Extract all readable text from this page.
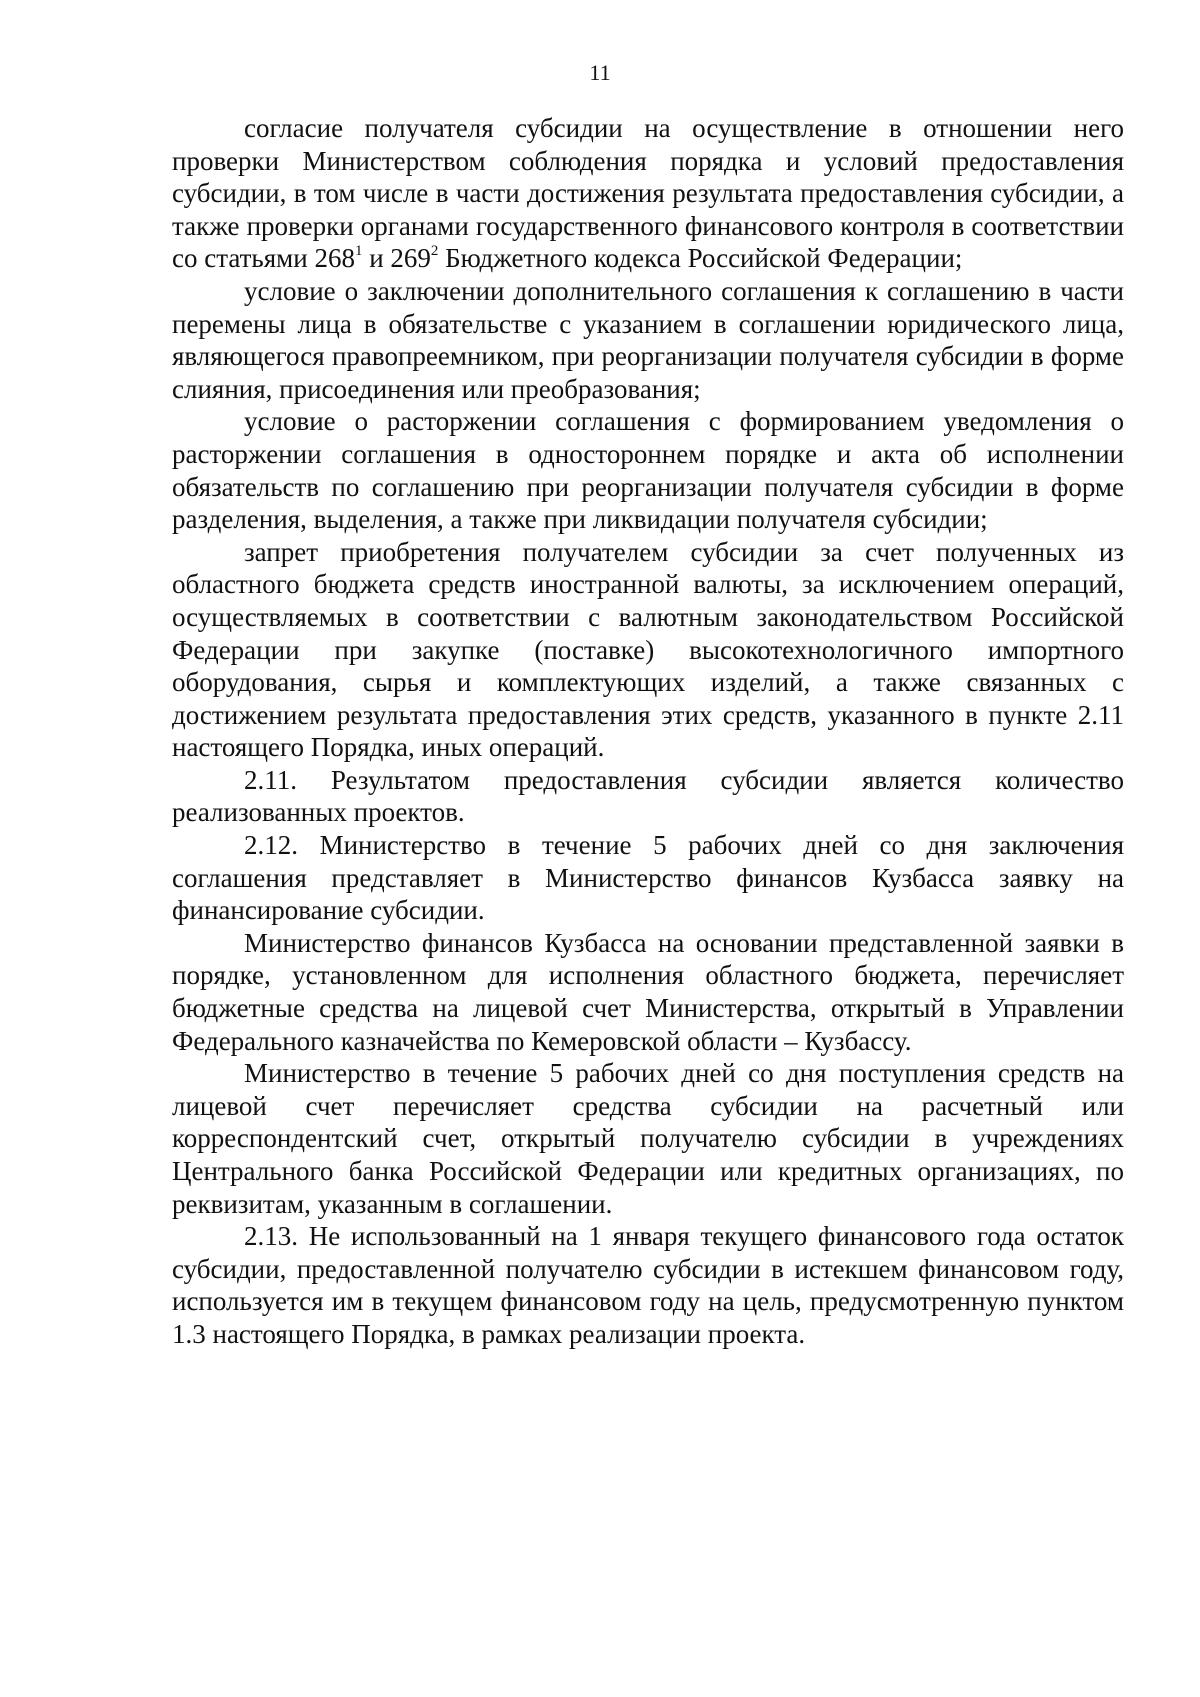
11

согласие получателя субсидии на осуществление в отношении него проверки Министерством соблюдения порядка и условий предоставления субсидии, в том числе в части достижения результата предоставления субсидии, а также проверки органами государственного финансового контроля в соответствии со статьями $268^1$ и $269^2$ Бюджетного кодекса Российской Федерации;

условие о заключении дополнительного соглашения к соглашению в части перемены лица в обязательстве с указанием в соглашении юридического лица, являющегося правопреемником, при реорганизации получателя субсидии в форме слияния, присоединения или преобразования;

условие о расторжении соглашения с формированием уведомления о расторжении соглашения в одностороннем порядке и акта об исполнении обязательств по соглашению при реорганизации получателя субсидии в форме разделения, выделения, а также при ликвидации получателя субсидии;

запрет приобретения получателем субсидии за счет полученных из областного бюджета средств иностранной валюты, за исключением операций, осуществляемых в соответствии с валютным законодательством Российской Федерации при закупке (поставке) высокотехнологичного импортного оборудования, сырья и комплектующих изделий, а также связанных с достижением результата предоставления этих средств, указанного в пункте 2.11 настоящего Порядка, иных операций.

2.11. Результатом предоставления субсидии является количество реализованных проектов.

2.12. Министерство в течение 5 рабочих дней со дня заключения соглашения представляет в Министерство финансов Кузбасса заявку на финансирование субсидии.

Министерство финансов Кузбасса на основании представленной заявки в порядке, установленном для исполнения областного бюджета, перечисляет бюджетные средства на лицевой счет Министерства, открытый в Управлении Федерального казначейства по Кемеровской области – Кузбассу.

Министерство в течение 5 рабочих дней со дня поступления средств на лицевой счет перечисляет средства субсидии на расчетный или корреспондентский счет, открытый получателю субсидии в учреждениях Центрального банка Российской Федерации или кредитных организациях, по реквизитам, указанным в соглашении.

2.13. Не использованный на 1 января текущего финансового года остаток субсидии, предоставленной получателю субсидии в истекшем финансовом году, используется им в текущем финансовом году на цель, предусмотренную пунктом 1.3 настоящего Порядка, в рамках реализации проекта.
